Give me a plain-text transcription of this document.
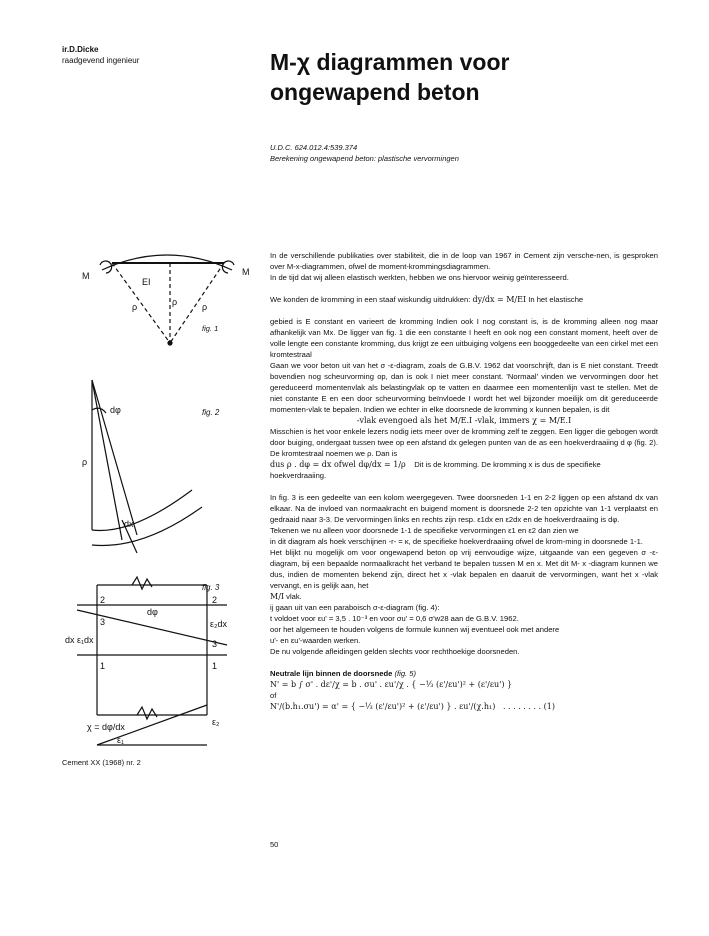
ir.D.Dicke
raadgevend ingenieur	M-χ diagrammen voor
ongewapend beton
U.D.C. 624.012.4:539.374
Berekening ongewapend beton: plastische vervormingen
M	M
EI
ρ	ρ	ρ
fig. 1
dφ
ρ
dx
fig. 2
2	2
3
3
1	1
dφ
dx ε₁dx
ε₂dx
χ = dφ/dx
ε₁
ε₂
fig. 3

In de verschillende publikaties over stabiliteit, die in de loop van 1967 in Cement zijn versche-nen, is gesproken over M-x-diagrammen, ofwel de moment-krommingsdiagrammen.

In de tijd dat wij alleen elastisch werkten, hebben we ons hiervoor weinig geïnteresseerd.

We konden de kromming in een staaf wiskundig uitdrukken: dy/dx = M/EI In het elastische

gebied is E constant en varieert de kromming Indien ook I nog constant is, is de kromming alleen nog maar afhankelijk van Mx. De ligger van fig. 1 die een constante I heeft en ook nog een constant moment, heeft over de volle lengte een constante kromming, dus krijgt ze een uitbuiging volgens een booggedeelte van een cirkel met een kromtestraal

Gaan we voor beton uit van het σ -ε-diagram, zoals de G.B.V. 1962 dat voorschrijft, dan is E niet constant. Treedt bovendien nog scheurvorming op, dan is ook I niet meer constant. 'Normaal' vinden we vervormingen door het gereduceerd momentenvlak als belastingvlak op te vatten en daarmee een momentenlijn vast te stellen. Met de niet constante E en een door scheurvorming beïnvloede I wordt het wel bijzonder moeilijk om dit gereduceerde momenten-vlak te bepalen. Indien we echter in elke doorsnede de kromming x kunnen bepalen, is dit

-vlak evengoed als het M/E.I -vlak, immers χ = M/E.I

Misschien is het voor enkele lezers nodig iets meer over de kromming zelf te zeggen. Een ligger die gebogen wordt door buiging, ondergaat tussen twee op een afstand dx gelegen punten van de as een hoekverdraaiing d φ (fig. 2). De kromtestraal noemen we ρ. Dan is

dus ρ . dφ = dx ofwel dφ/dx = 1/ρ Dit is de kromming. De kromming x is dus de specifieke

hoekverdraaiing.

In fig. 3 is een gedeelte van een kolom weergegeven. Twee doorsneden 1-1 en 2-2 liggen op een afstand dx van elkaar. Na de invloed van normaakracht en buigend moment is doorsnede 2-2 ten opzichte van 1-1 verplaatst en gedraaid naar 3-3. De vervormingen links en rechts zijn resp. ε1dx en ε2dx en de hoekverdraaiing is dφ.

Tekenen we nu alleen voor doorsnede 1-1 de specifieke vervormingen ε1 en ε2 dan zien we

in dit diagram als hoek verschijnen -r- = κ, de specifieke hoekverdraaiing ofwel de krom-ming in doorsnede 1-1.

Het blijkt nu mogelijk om voor ongewapend beton op vrij eenvoudige wijze, uitgaande van een gegeven σ -ε-diagram, bij een bepaalde normaalkracht het verband te bepalen tussen M en x. Met dit M- x -diagram kunnen we dus, indien de momenten bekend zijn, direct het x -vlak bepalen en daaruit de vervormingen, want het x -vlak vervangt, en is gelijk aan, het

M/I vlak.

ij gaan uit van een paraboisch σ-ε-diagram (fig. 4):

t voldoet voor εu' = 3,5 . 10⁻³ en voor σu' = 0,6 σ'w28 aan de G.B.V. 1962.

oor het algemeen te houden volgens de formule kunnen wij eventueel ook met andere

u'- en εu'-waarden werken.

De nu volgende afleidingen gelden slechts voor rechthoekige doorsneden.

Neutrale lijn binnen de doorsnede (fig. 5)

N' = b ∫ σ' . dε'/χ = b . σu' . εu'/χ . { −⅓ (ε'/εu')² + (ε'/εu') }

of

N'/(b.h₁.σu') = α' = { −⅓ (ε'/εu')² + (ε'/εu') } . εu'/(χ.h₁)   . . . . . . . . (1)

Cement XX (1968) nr. 2
50
